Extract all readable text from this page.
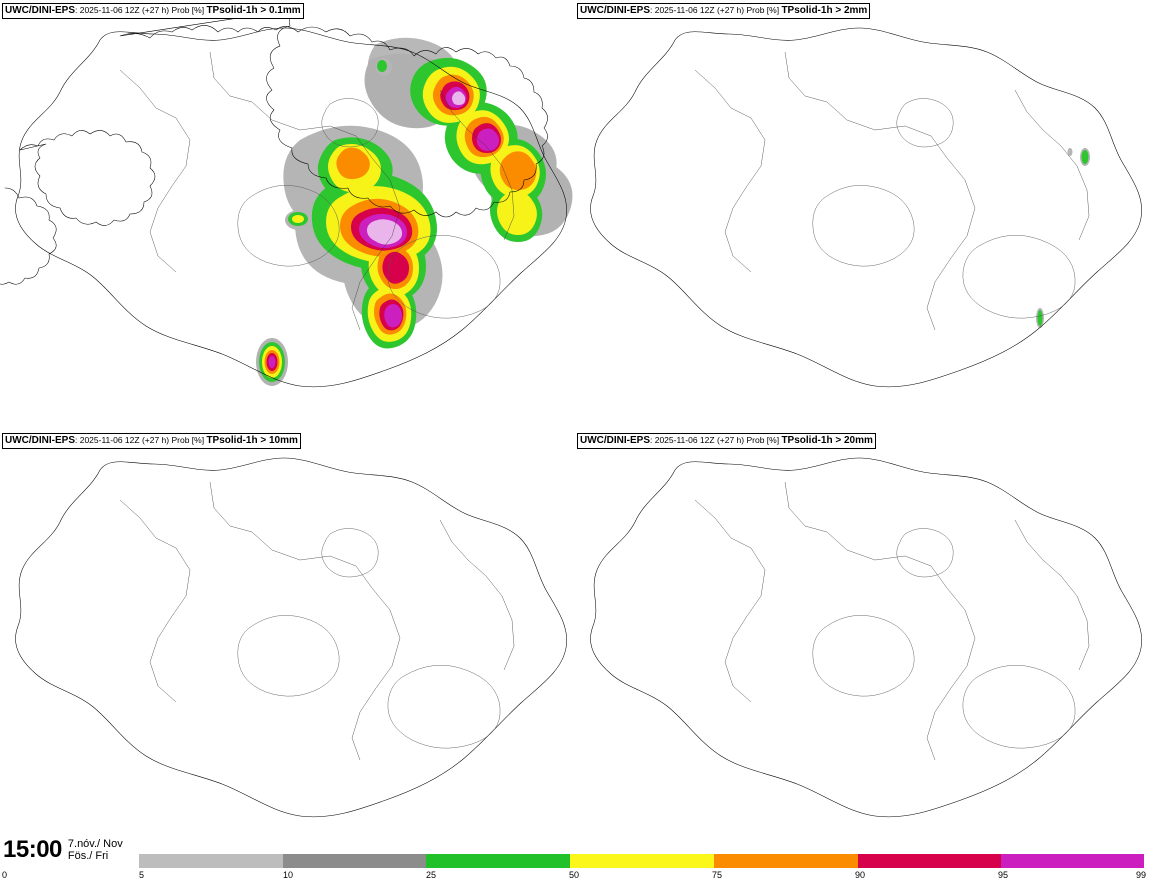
UWC/DINI-EPS: 2025-11-06 12Z (+27 h) Prob [%] TPsolid-1h > 0.1mm	UWC/DINI-EPS: 2025-11-06 12Z (+27 h) Prob [%] TPsolid-1h > 2mm
UWC/DINI-EPS: 2025-11-06 12Z (+27 h) Prob [%] TPsolid-1h > 10mm	UWC/DINI-EPS: 2025-11-06 12Z (+27 h) Prob [%] TPsolid-1h > 20mm
15:00 7.nóv./ Nov
Fös./ Fri
0	5	10	25	50	75	90	95	99
